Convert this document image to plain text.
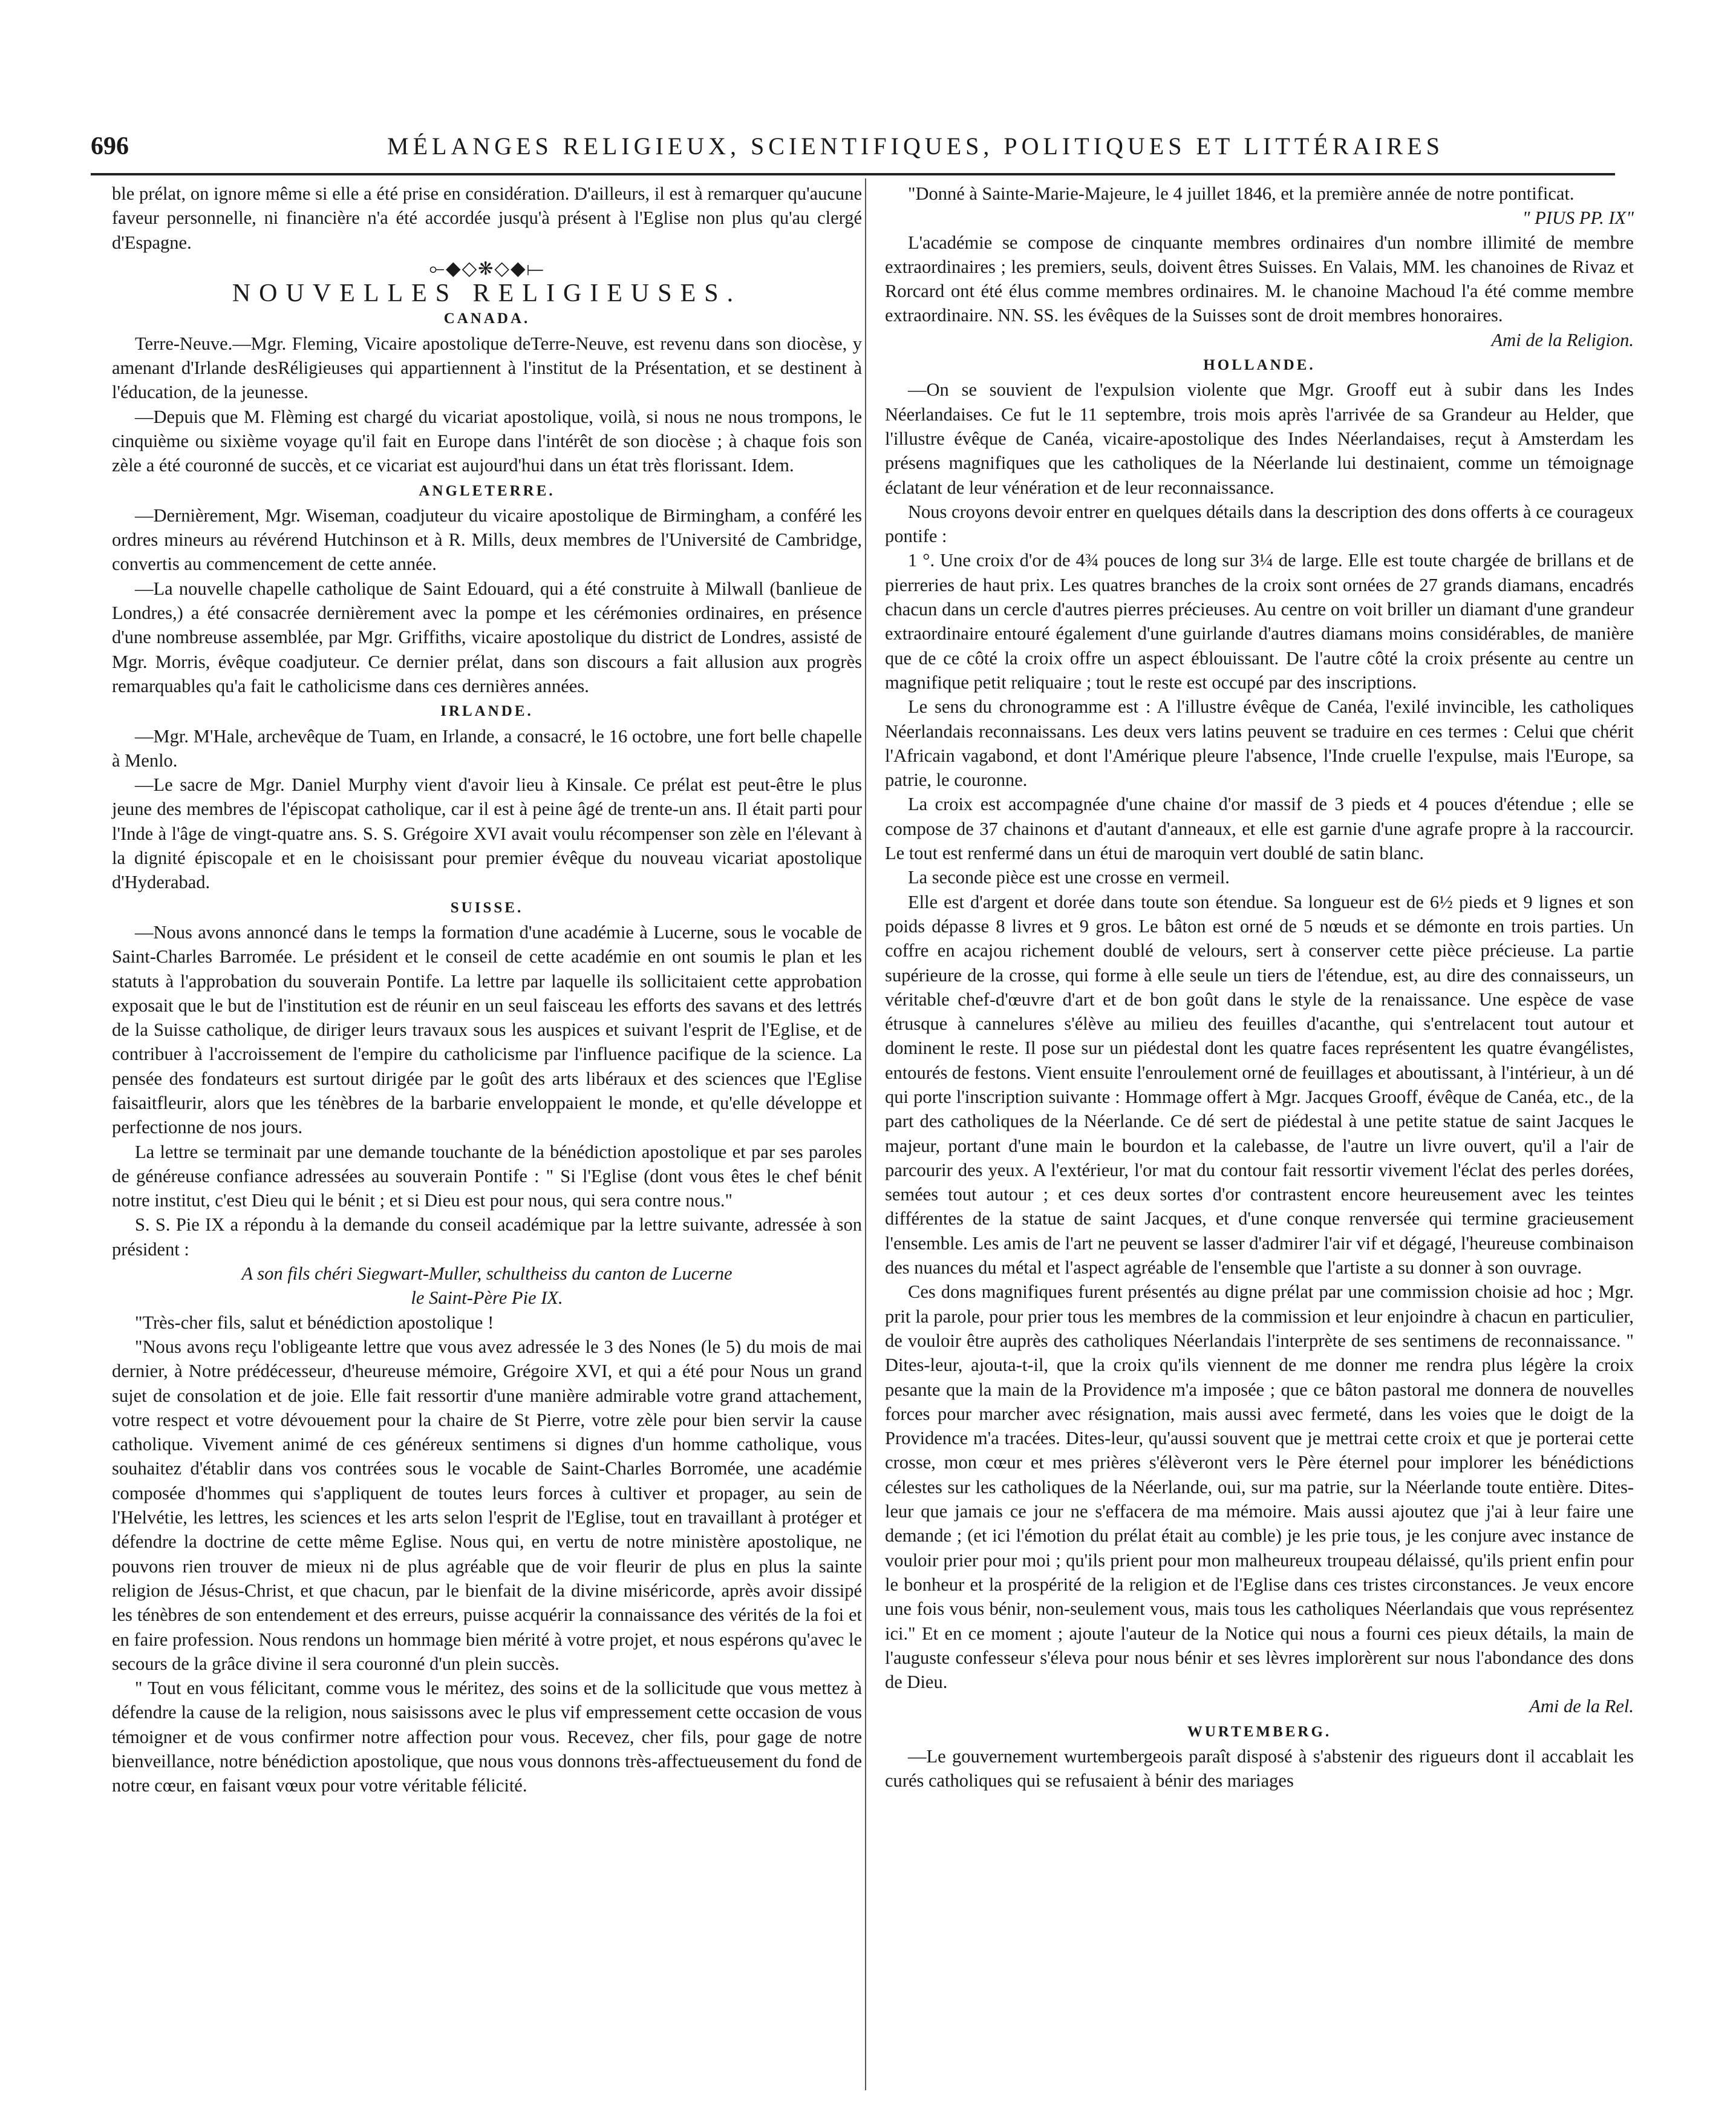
696	MÉLANGES RELIGIEUX, SCIENTIFIQUES, POLITIQUES ET LITTÉRAIRES

ble prélat, on ignore même si elle a été prise en considération. D'ailleurs, il est à remarquer qu'aucune faveur personnelle, ni financière n'a été accordée jusqu'à présent à l'Eglise non plus qu'au clergé d'Espagne.

⟜◆◇❋◇◆⟝
NOUVELLES RELIGIEUSES.
CANADA.

Terre-Neuve.—Mgr. Fleming, Vicaire apostolique deTerre-Neuve, est revenu dans son diocèse, y amenant d'Irlande desRéligieuses qui appartiennent à l'institut de la Présentation, et se destinent à l'éducation, de la jeunesse.

—Depuis que M. Flèming est chargé du vicariat apostolique, voilà, si nous ne nous trompons, le cinquième ou sixième voyage qu'il fait en Europe dans l'intérêt de son diocèse ; à chaque fois son zèle a été couronné de succès, et ce vicariat est aujourd'hui dans un état très florissant. Idem.

ANGLETERRE.

—Dernièrement, Mgr. Wiseman, coadjuteur du vicaire apostolique de Birmingham, a conféré les ordres mineurs au révérend Hutchinson et à R. Mills, deux membres de l'Université de Cambridge, convertis au commencement de cette année.

—La nouvelle chapelle catholique de Saint Edouard, qui a été construite à Milwall (banlieue de Londres,) a été consacrée dernièrement avec la pompe et les cérémonies ordinaires, en présence d'une nombreuse assemblée, par Mgr. Griffiths, vicaire apostolique du district de Londres, assisté de Mgr. Morris, évêque coadjuteur. Ce dernier prélat, dans son discours a fait allusion aux progrès remarquables qu'a fait le catholicisme dans ces dernières années.

IRLANDE.

—Mgr. M'Hale, archevêque de Tuam, en Irlande, a consacré, le 16 octobre, une fort belle chapelle à Menlo.

—Le sacre de Mgr. Daniel Murphy vient d'avoir lieu à Kinsale. Ce prélat est peut-être le plus jeune des membres de l'épiscopat catholique, car il est à peine âgé de trente-un ans. Il était parti pour l'Inde à l'âge de vingt-quatre ans. S. S. Grégoire XVI avait voulu récompenser son zèle en l'élevant à la dignité épiscopale et en le choisissant pour premier évêque du nouveau vicariat apostolique d'Hyderabad.

SUISSE.

—Nous avons annoncé dans le temps la formation d'une académie à Lucerne, sous le vocable de Saint-Charles Barromée. Le président et le conseil de cette académie en ont soumis le plan et les statuts à l'approbation du souverain Pontife. La lettre par laquelle ils sollicitaient cette approbation exposait que le but de l'institution est de réunir en un seul faisceau les efforts des savans et des lettrés de la Suisse catholique, de diriger leurs travaux sous les auspices et suivant l'esprit de l'Eglise, et de contribuer à l'accroissement de l'empire du catholicisme par l'influence pacifique de la science. La pensée des fondateurs est surtout dirigée par le goût des arts libéraux et des sciences que l'Eglise faisaitfleurir, alors que les ténèbres de la barbarie enveloppaient le monde, et qu'elle développe et perfectionne de nos jours.

La lettre se terminait par une demande touchante de la bénédiction apostolique et par ses paroles de généreuse confiance adressées au souverain Pontife : " Si l'Eglise (dont vous êtes le chef bénit notre institut, c'est Dieu qui le bénit ; et si Dieu est pour nous, qui sera contre nous."

S. S. Pie IX a répondu à la demande du conseil académique par la lettre suivante, adressée à son président :

A son fils chéri Siegwart-Muller, schultheiss du canton de Lucerne

le Saint-Père Pie IX.

"Très-cher fils, salut et bénédiction apostolique !

"Nous avons reçu l'obligeante lettre que vous avez adressée le 3 des Nones (le 5) du mois de mai dernier, à Notre prédécesseur, d'heureuse mémoire, Grégoire XVI, et qui a été pour Nous un grand sujet de consolation et de joie. Elle fait ressortir d'une manière admirable votre grand attachement, votre respect et votre dévouement pour la chaire de St Pierre, votre zèle pour bien servir la cause catholique. Vivement animé de ces généreux sentimens si dignes d'un homme catholique, vous souhaitez d'établir dans vos contrées sous le vocable de Saint-Charles Borromée, une académie composée d'hommes qui s'appliquent de toutes leurs forces à cultiver et propager, au sein de l'Helvétie, les lettres, les sciences et les arts selon l'esprit de l'Eglise, tout en travaillant à protéger et défendre la doctrine de cette même Eglise. Nous qui, en vertu de notre ministère apostolique, ne pouvons rien trouver de mieux ni de plus agréable que de voir fleurir de plus en plus la sainte religion de Jésus-Christ, et que chacun, par le bienfait de la divine miséricorde, après avoir dissipé les ténèbres de son entendement et des erreurs, puisse acquérir la connaissance des vérités de la foi et en faire profession. Nous rendons un hommage bien mérité à votre projet, et nous espérons qu'avec le secours de la grâce divine il sera couronné d'un plein succès.

" Tout en vous félicitant, comme vous le méritez, des soins et de la sollicitude que vous mettez à défendre la cause de la religion, nous saisissons avec le plus vif empressement cette occasion de vous témoigner et de vous confirmer notre affection pour vous. Recevez, cher fils, pour gage de notre bienveillance, notre bénédiction apostolique, que nous vous donnons très-affectueusement du fond de notre cœur, en faisant vœux pour votre véritable félicité.

"Donné à Sainte-Marie-Majeure, le 4 juillet 1846, et la première année de notre pontificat.

" PIUS PP. IX"

L'académie se compose de cinquante membres ordinaires d'un nombre illimité de membre extraordinaires ; les premiers, seuls, doivent êtres Suisses. En Valais, MM. les chanoines de Rivaz et Rorcard ont été élus comme membres ordinaires. M. le chanoine Machoud l'a été comme membre extraordinaire. NN. SS. les évêques de la Suisses sont de droit membres honoraires.

Ami de la Religion.

HOLLANDE.

—On se souvient de l'expulsion violente que Mgr. Grooff eut à subir dans les Indes Néerlandaises. Ce fut le 11 septembre, trois mois après l'arrivée de sa Grandeur au Helder, que l'illustre évêque de Canéa, vicaire-apostolique des Indes Néerlandaises, reçut à Amsterdam les présens magnifiques que les catholiques de la Néerlande lui destinaient, comme un témoignage éclatant de leur vénération et de leur reconnaissance.

Nous croyons devoir entrer en quelques détails dans la description des dons offerts à ce courageux pontife :

1 °. Une croix d'or de 4¾ pouces de long sur 3¼ de large. Elle est toute chargée de brillans et de pierreries de haut prix. Les quatres branches de la croix sont ornées de 27 grands diamans, encadrés chacun dans un cercle d'autres pierres précieuses. Au centre on voit briller un diamant d'une grandeur extraordinaire entouré également d'une guirlande d'autres diamans moins considérables, de manière que de ce côté la croix offre un aspect éblouissant. De l'autre côté la croix présente au centre un magnifique petit reliquaire ; tout le reste est occupé par des inscriptions.

Le sens du chronogramme est : A l'illustre évêque de Canéa, l'exilé invincible, les catholiques Néerlandais reconnaissans. Les deux vers latins peuvent se traduire en ces termes : Celui que chérit l'Africain vagabond, et dont l'Amérique pleure l'absence, l'Inde cruelle l'expulse, mais l'Europe, sa patrie, le couronne.

La croix est accompagnée d'une chaine d'or massif de 3 pieds et 4 pouces d'étendue ; elle se compose de 37 chainons et d'autant d'anneaux, et elle est garnie d'une agrafe propre à la raccourcir. Le tout est renfermé dans un étui de maroquin vert doublé de satin blanc.

La seconde pièce est une crosse en vermeil.

Elle est d'argent et dorée dans toute son étendue. Sa longueur est de 6½ pieds et 9 lignes et son poids dépasse 8 livres et 9 gros. Le bâton est orné de 5 nœuds et se démonte en trois parties. Un coffre en acajou richement doublé de velours, sert à conserver cette pièce précieuse. La partie supérieure de la crosse, qui forme à elle seule un tiers de l'étendue, est, au dire des connaisseurs, un véritable chef-d'œuvre d'art et de bon goût dans le style de la renaissance. Une espèce de vase étrusque à cannelures s'élève au milieu des feuilles d'acanthe, qui s'entrelacent tout autour et dominent le reste. Il pose sur un piédestal dont les quatre faces représentent les quatre évangélistes, entourés de festons. Vient ensuite l'enroulement orné de feuillages et aboutissant, à l'intérieur, à un dé qui porte l'inscription suivante : Hommage offert à Mgr. Jacques Grooff, évêque de Canéa, etc., de la part des catholiques de la Néerlande. Ce dé sert de piédestal à une petite statue de saint Jacques le majeur, portant d'une main le bourdon et la calebasse, de l'autre un livre ouvert, qu'il a l'air de parcourir des yeux. A l'extérieur, l'or mat du contour fait ressortir vivement l'éclat des perles dorées, semées tout autour ; et ces deux sortes d'or contrastent encore heureusement avec les teintes différentes de la statue de saint Jacques, et d'une conque renversée qui termine gracieusement l'ensemble. Les amis de l'art ne peuvent se lasser d'admirer l'air vif et dégagé, l'heureuse combinaison des nuances du métal et l'aspect agréable de l'ensemble que l'artiste a su donner à son ouvrage.

Ces dons magnifiques furent présentés au digne prélat par une commission choisie ad hoc ; Mgr. prit la parole, pour prier tous les membres de la commission et leur enjoindre à chacun en particulier, de vouloir être auprès des catholiques Néerlandais l'interprète de ses sentimens de reconnaissance. " Dites-leur, ajouta-t-il, que la croix qu'ils viennent de me donner me rendra plus légère la croix pesante que la main de la Providence m'a imposée ; que ce bâton pastoral me donnera de nouvelles forces pour marcher avec résignation, mais aussi avec fermeté, dans les voies que le doigt de la Providence m'a tracées. Dites-leur, qu'aussi souvent que je mettrai cette croix et que je porterai cette crosse, mon cœur et mes prières s'élèveront vers le Père éternel pour implorer les bénédictions célestes sur les catholiques de la Néerlande, oui, sur ma patrie, sur la Néerlande toute entière. Dites-leur que jamais ce jour ne s'effacera de ma mémoire. Mais aussi ajoutez que j'ai à leur faire une demande ; (et ici l'émotion du prélat était au comble) je les prie tous, je les conjure avec instance de vouloir prier pour moi ; qu'ils prient pour mon malheureux troupeau délaissé, qu'ils prient enfin pour le bonheur et la prospérité de la religion et de l'Eglise dans ces tristes circonstances. Je veux encore une fois vous bénir, non-seulement vous, mais tous les catholiques Néerlandais que vous représentez ici." Et en ce moment ; ajoute l'auteur de la Notice qui nous a fourni ces pieux détails, la main de l'auguste confesseur s'éleva pour nous bénir et ses lèvres implorèrent sur nous l'abondance des dons de Dieu.

Ami de la Rel.

WURTEMBERG.

—Le gouvernement wurtembergeois paraît disposé à s'abstenir des rigueurs dont il accablait les curés catholiques qui se refusaient à bénir des mariages
